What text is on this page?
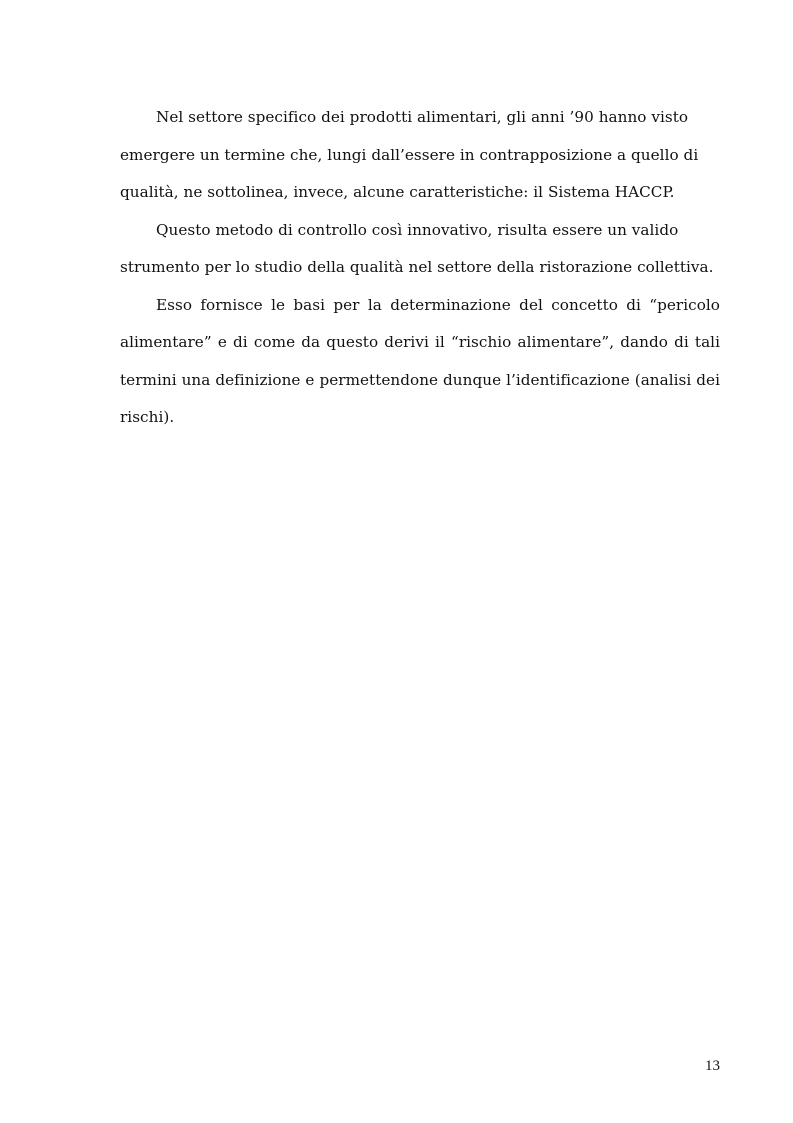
Nel settore specifico dei prodotti alimentari, gli anni ’90 hanno visto
emergere un termine che, lungi dall’essere in contrapposizione a quello di
qualità, ne sottolinea, invece, alcune caratteristiche: il Sistema HACCP.
Questo metodo di controllo così innovativo, risulta essere un valido
strumento per lo studio della qualità nel settore della ristorazione collettiva.
Esso fornisce le basi per la determinazione del concetto di “pericolo
alimentare” e di come da questo derivi il “rischio alimentare”, dando di tali
termini una definizione e permettendone dunque l’identificazione (analisi dei
rischi).
13
